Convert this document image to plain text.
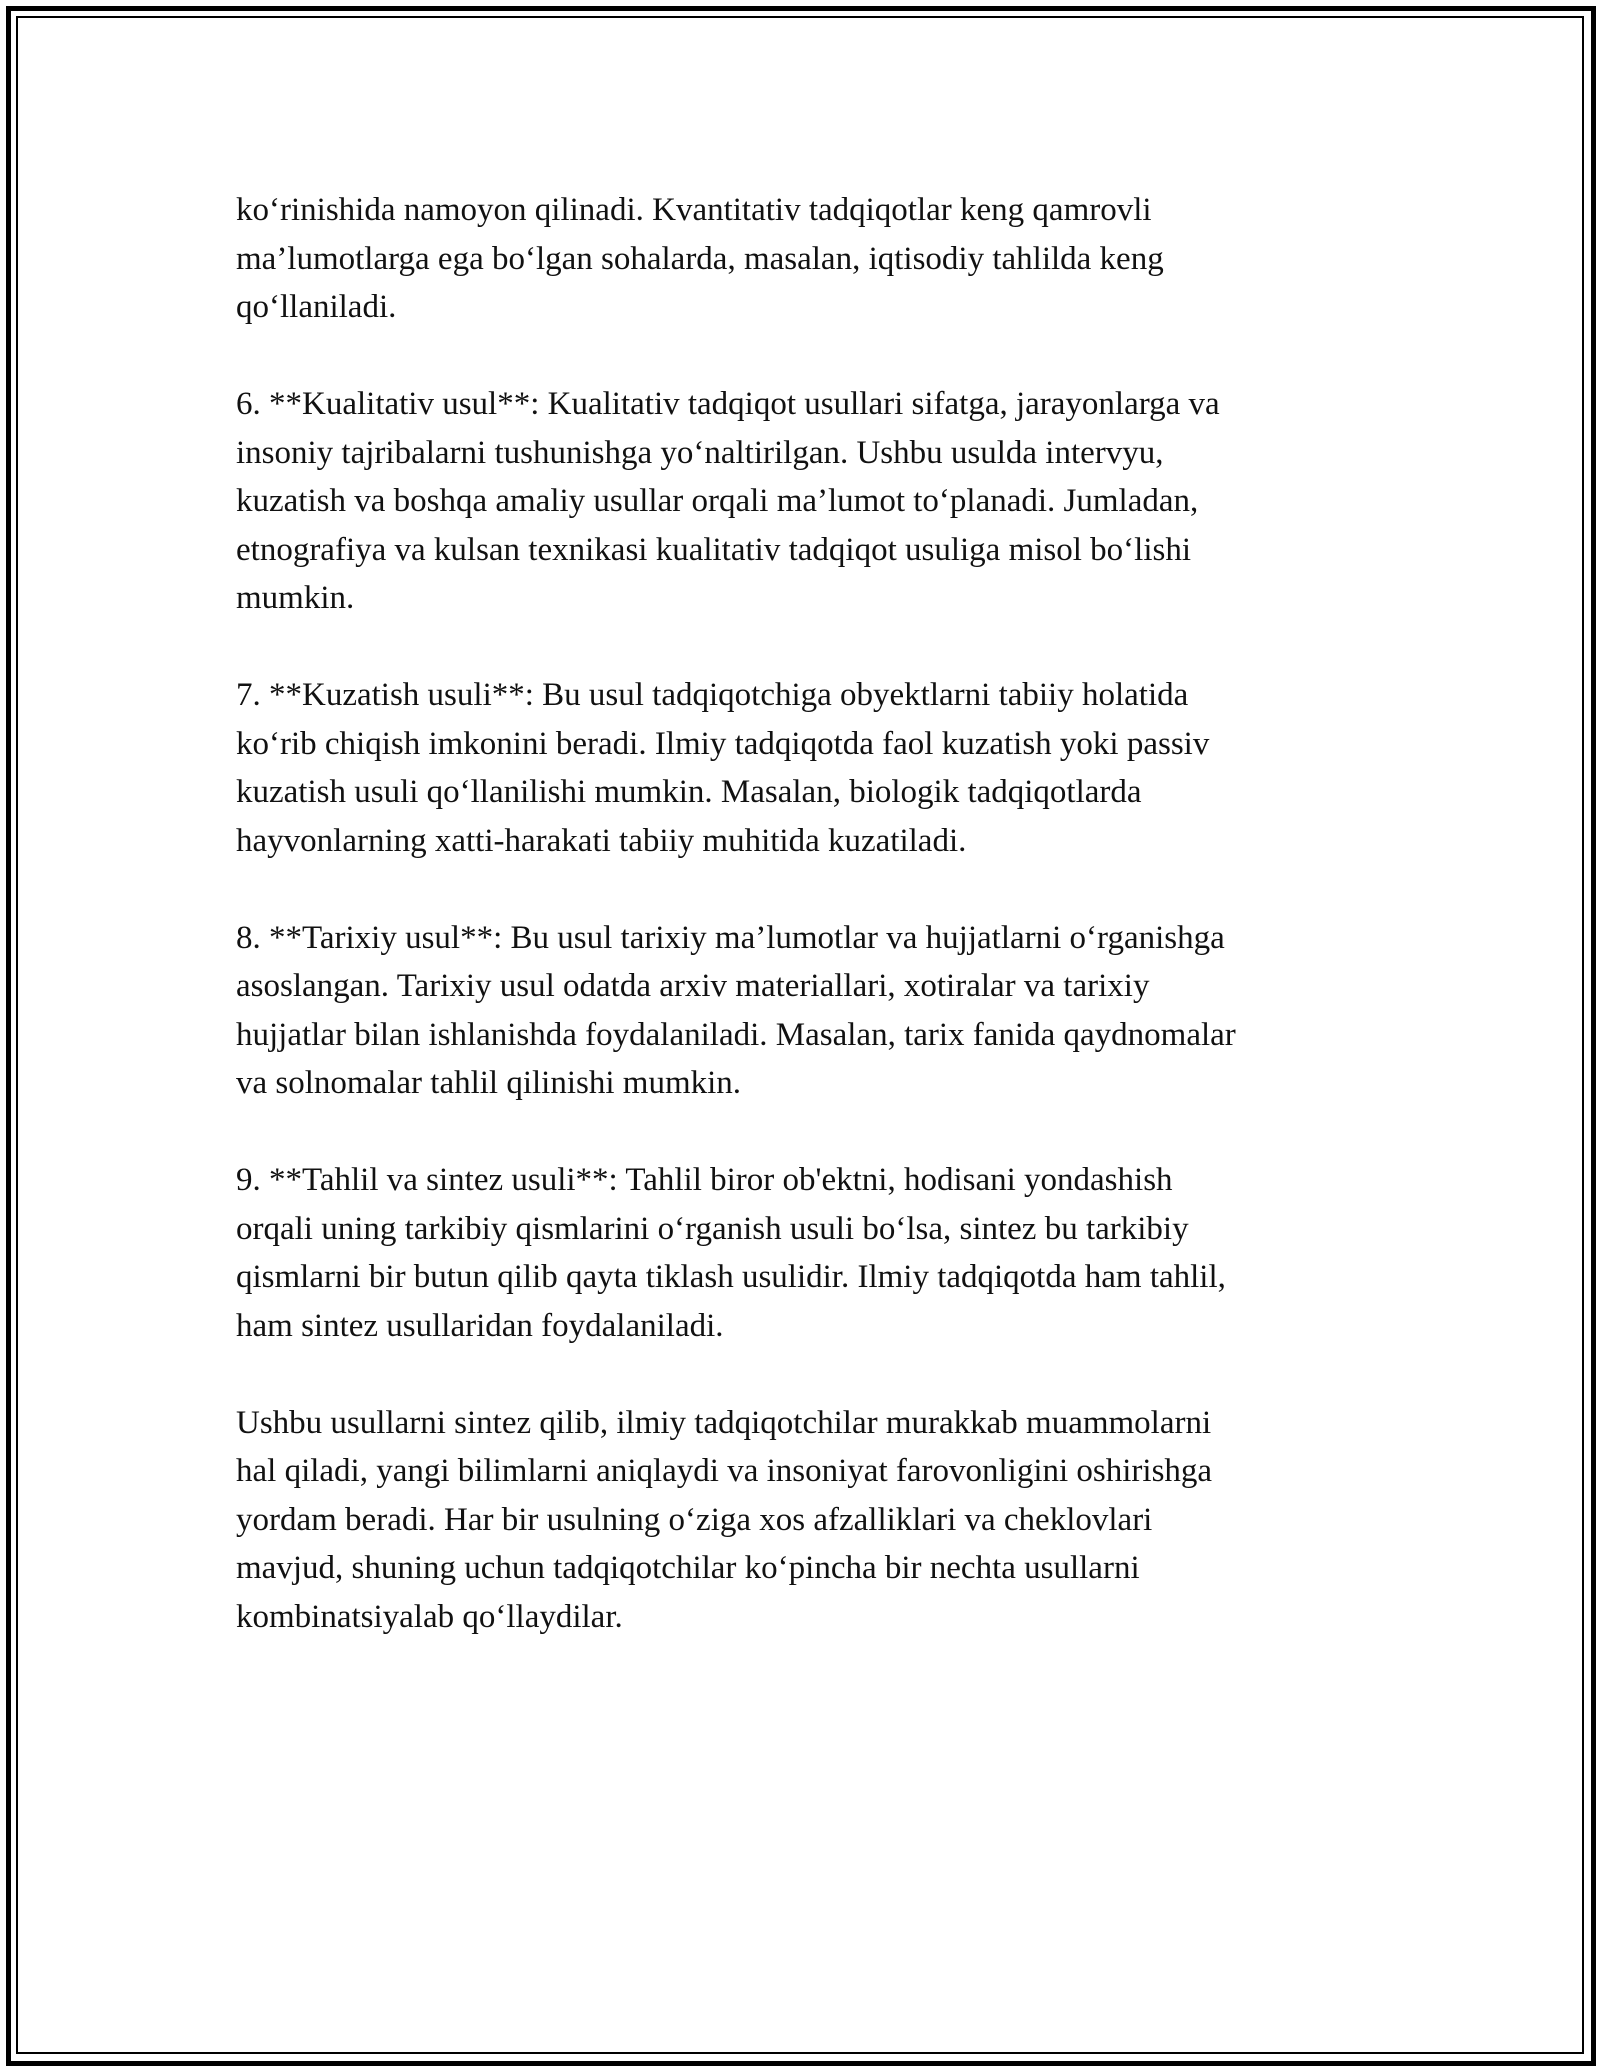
ko‘rinishida namoyon qilinadi. Kvantitativ tadqiqotlar keng qamrovli
ma’lumotlarga ega bo‘lgan sohalarda, masalan, iqtisodiy tahlilda keng
qo‘llaniladi.

6. **Kualitativ usul**: Kualitativ tadqiqot usullari sifatga, jarayonlarga va
insoniy tajribalarni tushunishga yo‘naltirilgan. Ushbu usulda intervyu,
kuzatish va boshqa amaliy usullar orqali ma’lumot to‘planadi. Jumladan,
etnografiya va kulsan texnikasi kualitativ tadqiqot usuliga misol bo‘lishi
mumkin.

7. **Kuzatish usuli**: Bu usul tadqiqotchiga obyektlarni tabiiy holatida
ko‘rib chiqish imkonini beradi. Ilmiy tadqiqotda faol kuzatish yoki passiv
kuzatish usuli qo‘llanilishi mumkin. Masalan, biologik tadqiqotlarda
hayvonlarning xatti-harakati tabiiy muhitida kuzatiladi.

8. **Tarixiy usul**: Bu usul tarixiy ma’lumotlar va hujjatlarni o‘rganishga
asoslangan. Tarixiy usul odatda arxiv materiallari, xotiralar va tarixiy
hujjatlar bilan ishlanishda foydalaniladi. Masalan, tarix fanida qaydnomalar
va solnomalar tahlil qilinishi mumkin.

9. **Tahlil va sintez usuli**: Tahlil biror ob'ektni, hodisani yondashish
orqali uning tarkibiy qismlarini o‘rganish usuli bo‘lsa, sintez bu tarkibiy
qismlarni bir butun qilib qayta tiklash usulidir. Ilmiy tadqiqotda ham tahlil,
ham sintez usullaridan foydalaniladi.

Ushbu usullarni sintez qilib, ilmiy tadqiqotchilar murakkab muammolarni
hal qiladi, yangi bilimlarni aniqlaydi va insoniyat farovonligini oshirishga
yordam beradi. Har bir usulning o‘ziga xos afzalliklari va cheklovlari
mavjud, shuning uchun tadqiqotchilar ko‘pincha bir nechta usullarni
kombinatsiyalab qo‘llaydilar.
